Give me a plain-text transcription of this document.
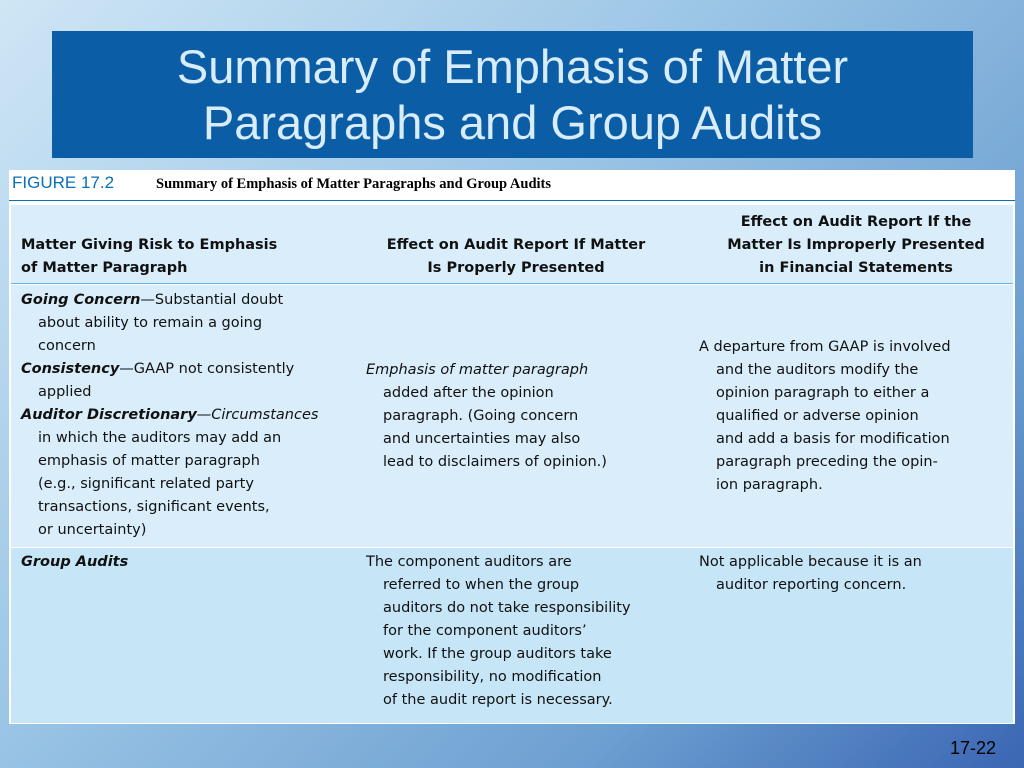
Summary of Emphasis of Matter
Paragraphs and Group Audits
FIGURE 17.2	Summary of Emphasis of Matter Paragraphs and Group Audits
Matter Giving Risk to Emphasis
of Matter Paragraph
Effect on Audit Report If Matter
Is Properly Presented
Effect on Audit Report If the
Matter Is Improperly Presented
in Financial Statements
Going Concern—Substantial doubt
about ability to remain a going
concern
Consistency—GAAP not consistently
applied
Auditor Discretionary—Circumstances
in which the auditors may add an
emphasis of matter paragraph
(e.g., significant related party
transactions, significant events,
or uncertainty)
Emphasis of matter paragraph
added after the opinion
paragraph. (Going concern
and uncertainties may also
lead to disclaimers of opinion.)
A departure from GAAP is involved
and the auditors modify the
opinion paragraph to either a
qualified or adverse opinion
and add a basis for modification
paragraph preceding the opin-
ion paragraph.
Group Audits	The component auditors are
referred to when the group
auditors do not take responsibility
for the component auditors’
work. If the group auditors take
responsibility, no modification
of the audit report is necessary.
Not applicable because it is an
auditor reporting concern.
17-22
